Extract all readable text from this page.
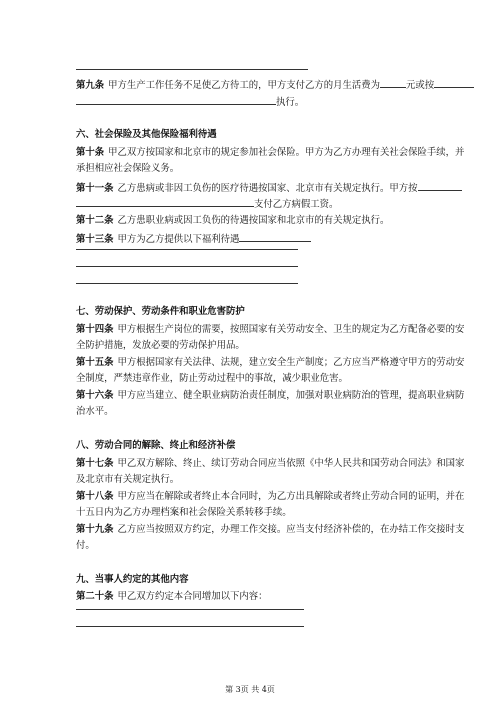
第九条 甲方生产工作任务不足使乙方待工的，甲方支付乙方的月生活费为	元或按
执行。
六、社会保险及其他保险福利待遇
第十条 甲乙双方按国家和北京市的规定参加社会保险。甲方为乙方办理有关社会保险手续，并
承担相应社会保险义务。
第十一条 乙方患病或非因工负伤的医疗待遇按国家、北京市有关规定执行。甲方按
支付乙方病假工资。
第十二条 乙方患职业病或因工负伤的待遇按国家和北京市的有关规定执行。
第十三条 甲方为乙方提供以下福利待遇
七、劳动保护、劳动条件和职业危害防护
第十四条 甲方根据生产岗位的需要，按照国家有关劳动安全、卫生的规定为乙方配备必要的安
全防护措施，发放必要的劳动保护用品。
第十五条 甲方根据国家有关法律、法规，建立安全生产制度；乙方应当严格遵守甲方的劳动安
全制度，严禁违章作业，防止劳动过程中的事故，减少职业危害。
第十六条 甲方应当建立、健全职业病防治责任制度，加强对职业病防治的管理，提高职业病防
治水平。
八、劳动合同的解除、终止和经济补偿
第十七条 甲乙双方解除、终止、续订劳动合同应当依照《中华人民共和国劳动合同法》和国家
及北京市有关规定执行。
第十八条 甲方应当在解除或者终止本合同时，为乙方出具解除或者终止劳动合同的证明，并在
十五日内为乙方办理档案和社会保险关系转移手续。
第十九条 乙方应当按照双方约定，办理工作交接。应当支付经济补偿的，在办结工作交接时支
付。
九、当事人约定的其他内容
第二十条 甲乙双方约定本合同增加以下内容：
第 3页 共 4页
